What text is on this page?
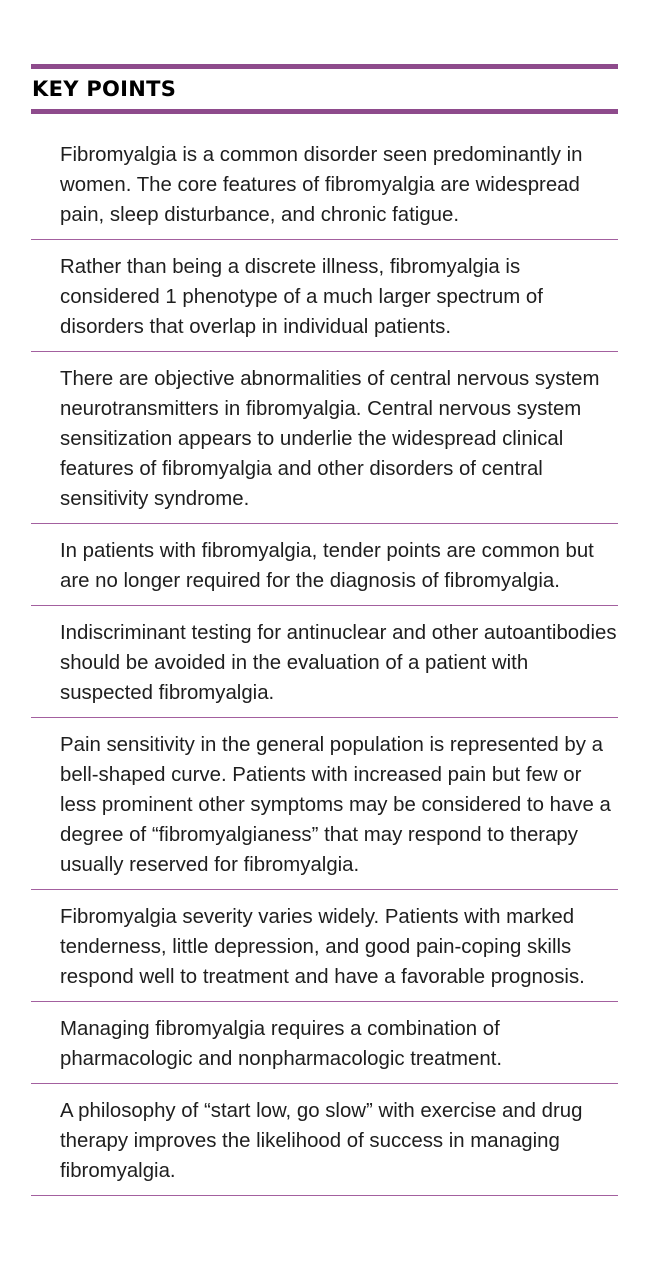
KEY POINTS
Fibromyalgia is a common disorder seen predominantly in women. The core features of fibromyalgia are widespread pain, sleep disturbance, and chronic fatigue.
Rather than being a discrete illness, fibromyalgia is considered 1 phenotype of a much larger spectrum of disorders that overlap in individual patients.
There are objective abnormalities of central nervous system neurotransmitters in fibromyalgia. Central nervous system sensitization appears to underlie the widespread clinical features of fibromyalgia and other disorders of central sensitivity syndrome.
In patients with fibromyalgia, tender points are common but are no longer required for the diagnosis of fibromyalgia.
Indiscriminant testing for antinuclear and other autoantibodies should be avoided in the evaluation of a patient with suspected fibromyalgia.
Pain sensitivity in the general population is represented by a bell-shaped curve. Patients with increased pain but few or less prominent other symptoms may be considered to have a degree of “fibromyalgianess” that may respond to therapy usually reserved for fibromyalgia.
Fibromyalgia severity varies widely. Patients with marked tenderness, little depression, and good pain-coping skills respond well to treatment and have a favorable prognosis.
Managing fibromyalgia requires a combination of pharmacologic and nonpharmacologic treatment.
A philosophy of “start low, go slow” with exercise and drug therapy improves the likelihood of success in managing fibromyalgia.
